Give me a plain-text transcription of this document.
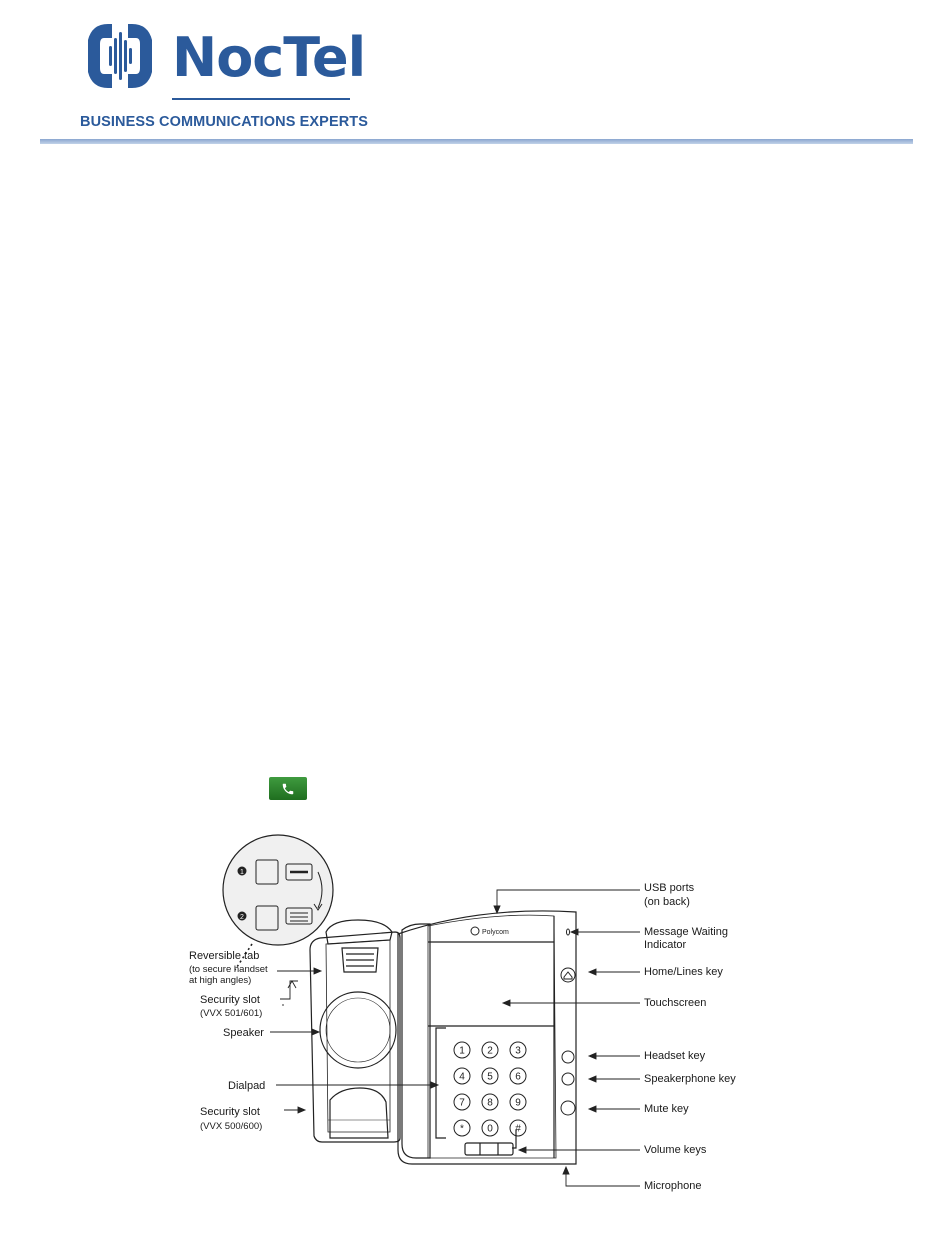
NocTel
BUSINESS COMMUNICATIONS EXPERTS
1
2
Polycom
1 2 3
4 5 6
7 8 9
* 0 #
USB ports
(on back)
Message Waiting
Indicator
Home/Lines key
Touchscreen
Headset key
Speakerphone key
Mute key
Volume keys
Microphone
Reversible tab
(to secure handset
at high angles)
Security slot
(VVX 501/601)
Speaker
Dialpad
Security slot
(VVX 500/600)
